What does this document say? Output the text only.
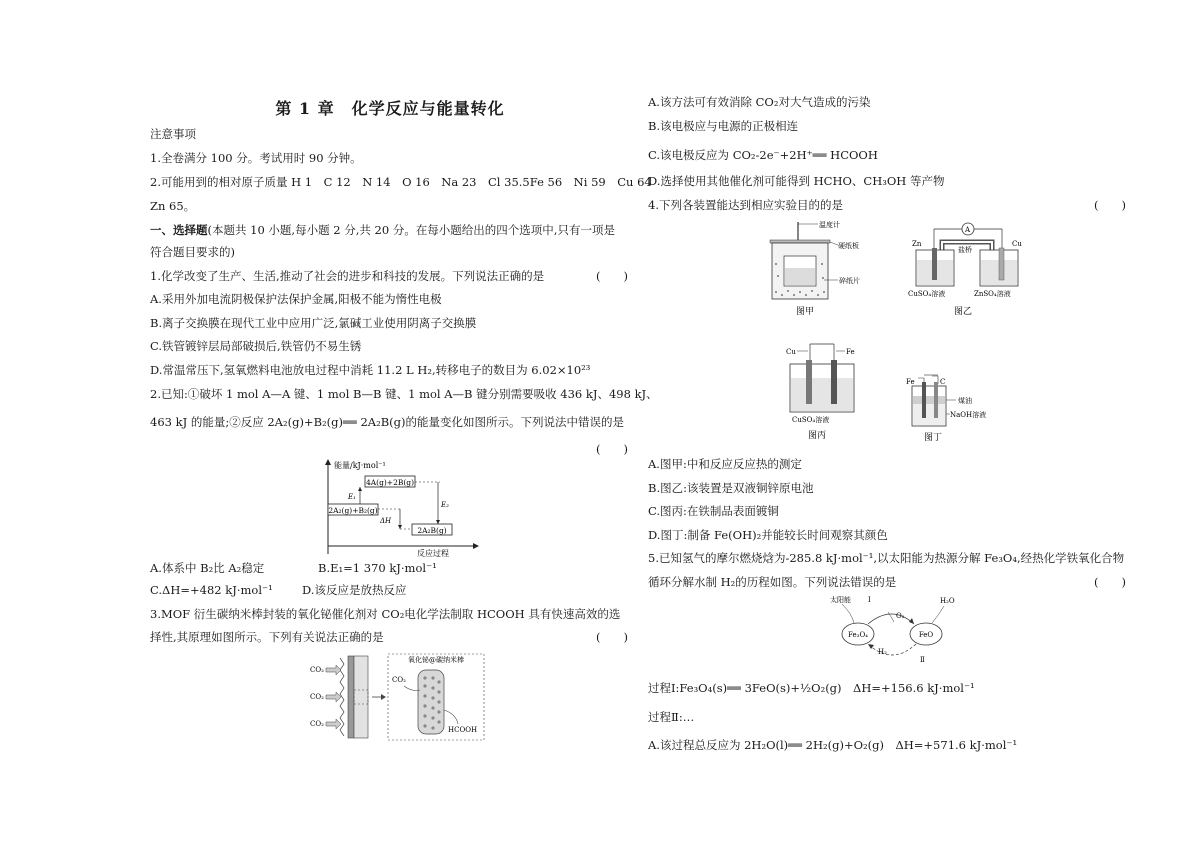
第 1 章　化学反应与能量转化
注意事项
1.全卷满分 100 分。考试用时 90 分钟。
2.可能用到的相对原子质量 H 1　C 12　N 14　O 16　Na 23　Cl 35.5Fe 56　Ni 59　Cu 64
Zn 65。
一、选择题(本题共 10 小题,每小题 2 分,共 20 分。在每小题给出的四个选项中,只有一项是
符合题目要求的)
1.化学改变了生产、生活,推动了社会的进步和科技的发展。下列说法正确的是	(　　)
A.采用外加电流阴极保护法保护金属,阳极不能为惰性电极
B.离子交换膜在现代工业中应用广泛,氯碱工业使用阴离子交换膜
C.铁管镀锌层局部破损后,铁管仍不易生锈
D.常温常压下,氢氧燃料电池放电过程中消耗 11.2 L H₂,转移电子的数目为 6.02×10²³
2.已知:①破坏 1 mol A—A 键、1 mol B—B 键、1 mol A—B 键分别需要吸收 436 kJ、498 kJ、
463 kJ 的能量;②反应 2A₂(g)+B₂(g)══ 2A₂B(g)的能量变化如图所示。下列说法中错误的是
(　　)
能量/kJ·mol⁻¹
反应过程
4A(g)+2B(g)
2A₂(g)+B₂(g)
2A₂B(g)
E₁
E₂
ΔH
A.体系中 B₂比 A₂稳定	B.E₁=1 370 kJ·mol⁻¹
C.ΔH=+482 kJ·mol⁻¹	D.该反应是放热反应
3.MOF 衍生碳纳米棒封装的氧化铋催化剂对 CO₂电化学法制取 HCOOH 具有快速高效的选
择性,其原理如图所示。下列有关说法正确的是	(　　)
CO₂
CO₂
CO₂
氧化铋@碳纳米棒
CO₂
HCOOH
A.该方法可有效消除 CO₂对大气造成的污染
B.该电极应与电源的正极相连
C.该电极反应为 CO₂-2e⁻+2H⁺══ HCOOH
D.选择使用其他催化剂可能得到 HCHO、CH₃OH 等产物
4.下列各装置能达到相应实验目的的是	(　　)
温度计
硬纸板
碎纸片
图甲
A
Zn	Cu
盐桥
CuSO₄溶液	ZnSO₄溶液
图乙
Cu	Fe
CuSO₄溶液
图丙
Fe	C
煤油
NaOH溶液
图丁
A.图甲:中和反应反应热的测定
B.图乙:该装置是双液铜锌原电池
C.图丙:在铁制品表面镀铜
D.图丁:制备 Fe(OH)₂并能较长时间观察其颜色
5.已知氢气的摩尔燃烧焓为-285.8 kJ·mol⁻¹,以太阳能为热源分解 Fe₃O₄,经热化学铁氧化合物
循环分解水制 H₂的历程如图。下列说法错误的是	(　　)
太阳能 Ⅰ
O₂
H₂O
Fe₃O₄	FeO
H₂
Ⅱ
过程Ⅰ:Fe₃O₄(s)══ 3FeO(s)+½O₂(g)　ΔH=+156.6 kJ·mol⁻¹
过程Ⅱ:…
A.该过程总反应为 2H₂O(l)══ 2H₂(g)+O₂(g)　ΔH=+571.6 kJ·mol⁻¹
